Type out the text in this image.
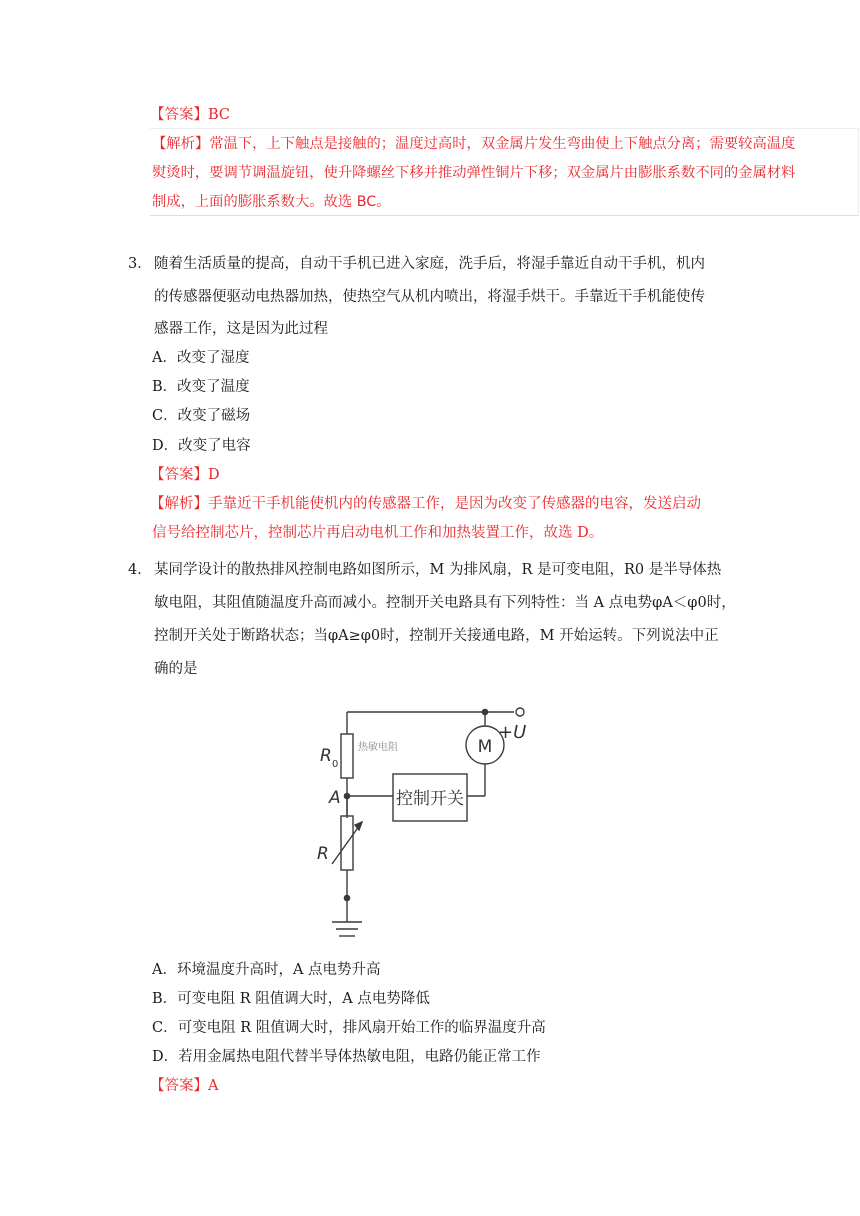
【答案】BC
【解析】常温下，上下触点是接触的；温度过高时，双金属片发生弯曲使上下触点分离；需要较高温度
熨烫时，要调节调温旋钮，使升降螺丝下移并推动弹性铜片下移；双金属片由膨胀系数不同的金属材料
制成，上面的膨胀系数大。故选 BC。
3． 随着生活质量的提高，自动干手机已进入家庭，洗手后，将湿手靠近自动干手机，机内
的传感器便驱动电热器加热，使热空气从机内喷出，将湿手烘干。手靠近干手机能使传
感器工作，这是因为此过程
A．改变了湿度
B．改变了温度
C．改变了磁场
D．改变了电容
【答案】D
【解析】手靠近干手机能使机内的传感器工作，是因为改变了传感器的电容，发送启动
信号给控制芯片，控制芯片再启动电机工作和加热装置工作，故选 D。
4． 某同学设计的散热排风控制电路如图所示，M 为排风扇，R 是可变电阻，R0 是半导体热
敏电阻，其阻值随温度升高而减小。控制开关电路具有下列特性：当 A 点电势φA＜φ0时，
控制开关处于断路状态；当φA≥φ0时，控制开关接通电路，M 开始运转。下列说法中正
确的是
+U
M
R 0
热敏电阻
A	控制开关
R
A．环境温度升高时，A 点电势升高
B．可变电阻 R 阻值调大时，A 点电势降低
C．可变电阻 R 阻值调大时，排风扇开始工作的临界温度升高
D．若用金属热电阻代替半导体热敏电阻，电路仍能正常工作
【答案】A
